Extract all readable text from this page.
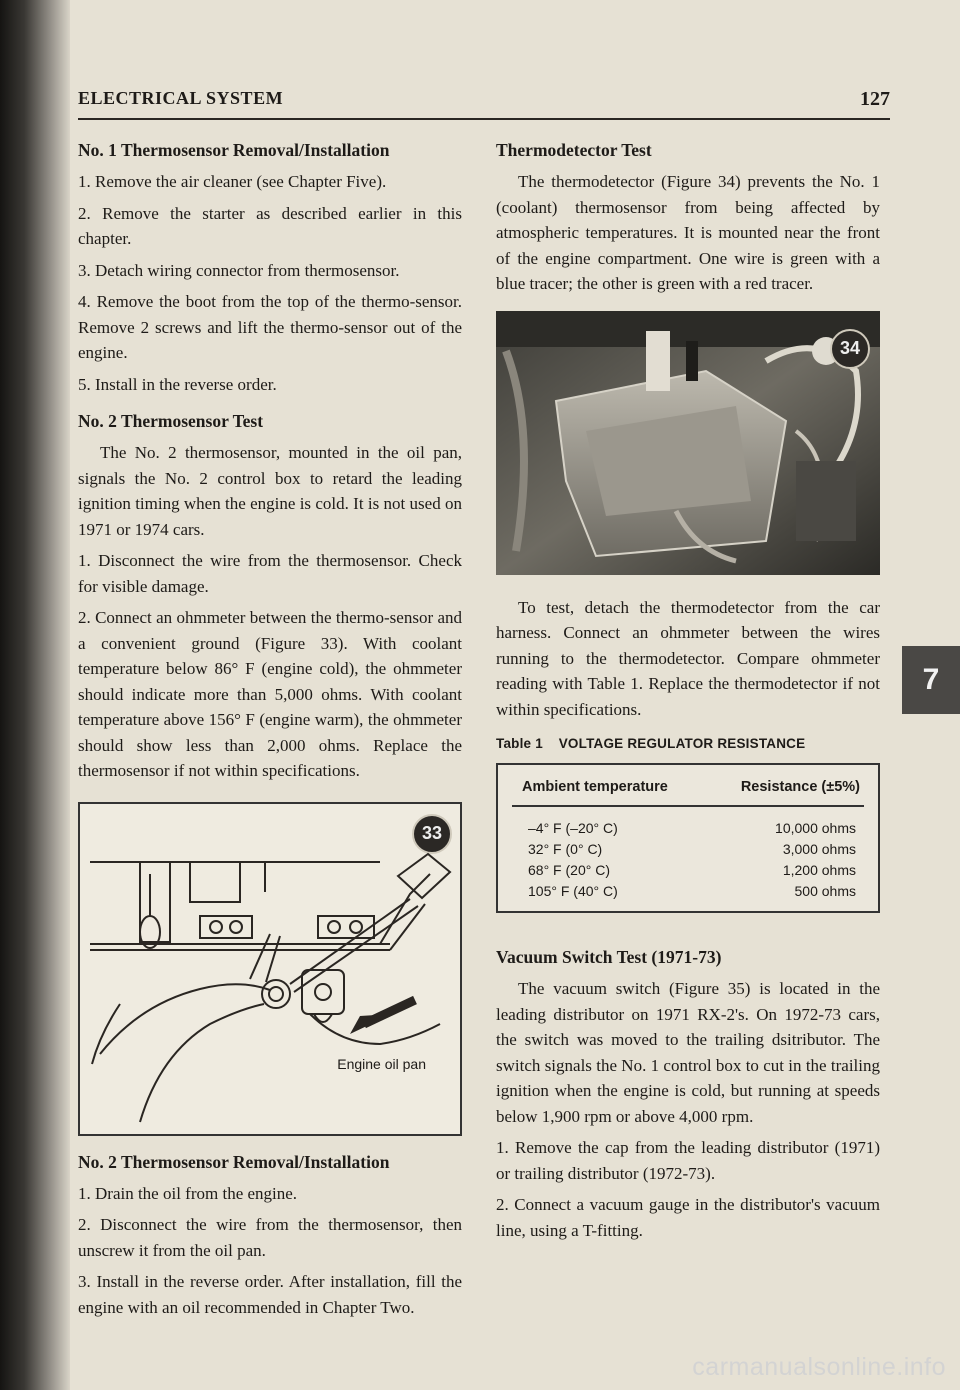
ELECTRICAL SYSTEM	127
No. 1 Thermosensor Removal/Installation

1. Remove the air cleaner (see Chapter Five).

2. Remove the starter as described earlier in this chapter.

3. Detach wiring connector from thermosensor.

4. Remove the boot from the top of the thermo-sensor. Remove 2 screws and lift the thermo-sensor out of the engine.

5. Install in the reverse order.

No. 2 Thermosensor Test

The No. 2 thermosensor, mounted in the oil pan, signals the No. 2 control box to retard the leading ignition timing when the engine is cold. It is not used on 1971 or 1974 cars.

1. Disconnect the wire from the thermosensor. Check for visible damage.

2. Connect an ohmmeter between the thermo-sensor and a convenient ground (Figure 33). With coolant temperature below 86° F (engine cold), the ohmmeter should indicate more than 5,000 ohms. With coolant temperature above 156° F (engine warm), the ohmmeter should show less than 2,000 ohms. Replace the thermosensor if not within specifications.

33
Engine oil pan
No. 2 Thermosensor Removal/Installation

1. Drain the oil from the engine.

2. Disconnect the wire from the thermosensor, then unscrew it from the oil pan.

3. Install in the reverse order. After installation, fill the engine with an oil recommended in Chapter Two.

Thermodetector Test

The thermodetector (Figure 34) prevents the No. 1 (coolant) thermosensor from being affected by atmospheric temperatures. It is mounted near the front of the engine compartment. One wire is green with a blue tracer; the other is green with a red tracer.

34

To test, detach the thermodetector from the car harness. Connect an ohmmeter between the wires running to the thermodetector. Compare ohmmeter reading with Table 1. Replace the thermodetector if not within specifications.

Table 1    VOLTAGE REGULATOR RESISTANCE
Ambient temperature	Resistance (±5%)
–4° F (–20° C)	10,000 ohms
32° F (0° C)	3,000 ohms
68° F (20° C)	1,200 ohms
105° F (40° C)	500 ohms
Vacuum Switch Test (1971-73)

The vacuum switch (Figure 35) is located in the leading distributor on 1971 RX-2's. On 1972-73 cars, the switch was moved to the trailing dsitributor. The switch signals the No. 1 control box to cut in the trailing ignition when the engine is cold, but running at speeds below 1,900 rpm or above 4,000 rpm.

1. Remove the cap from the leading distributor (1971) or trailing distributor (1972-73).

2. Connect a vacuum gauge in the distributor's vacuum line, using a T-fitting.

7
carmanualsonline.info
